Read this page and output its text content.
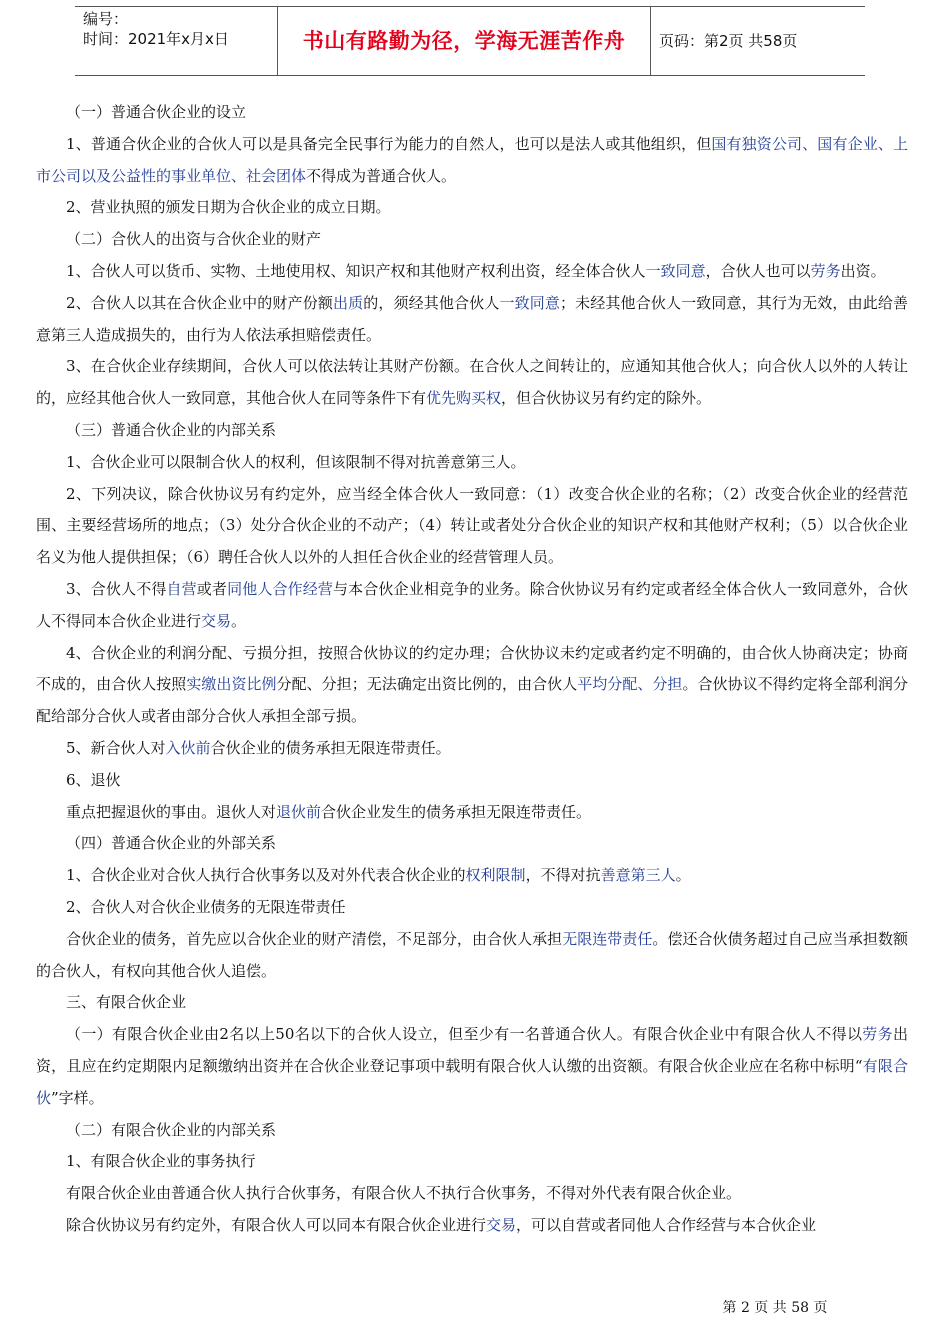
编号：
时间：2021年x月x日	书山有路勤为径，学海无涯苦作舟	页码：第2页 共58页

（一）普通合伙企业的设立

1、普通合伙企业的合伙人可以是具备完全民事行为能力的自然人，也可以是法人或其他组织，但国有独资公司、国有企业、上市公司以及公益性的事业单位、社会团体不得成为普通合伙人。

2、营业执照的颁发日期为合伙企业的成立日期。

（二）合伙人的出资与合伙企业的财产

1、合伙人可以货币、实物、土地使用权、知识产权和其他财产权利出资，经全体合伙人一致同意，合伙人也可以劳务出资。

2、合伙人以其在合伙企业中的财产份额出质的，须经其他合伙人一致同意；未经其他合伙人一致同意，其行为无效，由此给善意第三人造成损失的，由行为人依法承担赔偿责任。

3、在合伙企业存续期间，合伙人可以依法转让其财产份额。在合伙人之间转让的，应通知其他合伙人；向合伙人以外的人转让的，应经其他合伙人一致同意，其他合伙人在同等条件下有优先购买权，但合伙协议另有约定的除外。

（三）普通合伙企业的内部关系

1、合伙企业可以限制合伙人的权利，但该限制不得对抗善意第三人。

2、下列决议，除合伙协议另有约定外，应当经全体合伙人一致同意：（1）改变合伙企业的名称；（2）改变合伙企业的经营范围、主要经营场所的地点；（3）处分合伙企业的不动产；（4）转让或者处分合伙企业的知识产权和其他财产权利；（5）以合伙企业名义为他人提供担保；（6）聘任合伙人以外的人担任合伙企业的经营管理人员。

3、合伙人不得自营或者同他人合作经营与本合伙企业相竞争的业务。除合伙协议另有约定或者经全体合伙人一致同意外，合伙人不得同本合伙企业进行交易。

4、合伙企业的利润分配、亏损分担，按照合伙协议的约定办理；合伙协议未约定或者约定不明确的，由合伙人协商决定；协商不成的，由合伙人按照实缴出资比例分配、分担；无法确定出资比例的，由合伙人平均分配、分担。合伙协议不得约定将全部利润分配给部分合伙人或者由部分合伙人承担全部亏损。

5、新合伙人对入伙前合伙企业的债务承担无限连带责任。

6、退伙

重点把握退伙的事由。退伙人对退伙前合伙企业发生的债务承担无限连带责任。

（四）普通合伙企业的外部关系

1、合伙企业对合伙人执行合伙事务以及对外代表合伙企业的权利限制，不得对抗善意第三人。

2、合伙人对合伙企业债务的无限连带责任

合伙企业的债务，首先应以合伙企业的财产清偿，不足部分，由合伙人承担无限连带责任。偿还合伙债务超过自己应当承担数额的合伙人，有权向其他合伙人追偿。

三、有限合伙企业

（一）有限合伙企业由2名以上50名以下的合伙人设立，但至少有一名普通合伙人。有限合伙企业中有限合伙人不得以劳务出资，且应在约定期限内足额缴纳出资并在合伙企业登记事项中载明有限合伙人认缴的出资额。有限合伙企业应在名称中标明“有限合伙”字样。

（二）有限合伙企业的内部关系

1、有限合伙企业的事务执行

有限合伙企业由普通合伙人执行合伙事务，有限合伙人不执行合伙事务，不得对外代表有限合伙企业。

除合伙协议另有约定外，有限合伙人可以同本有限合伙企业进行交易，可以自营或者同他人合作经营与本合伙企业

第 2 页 共 58 页
